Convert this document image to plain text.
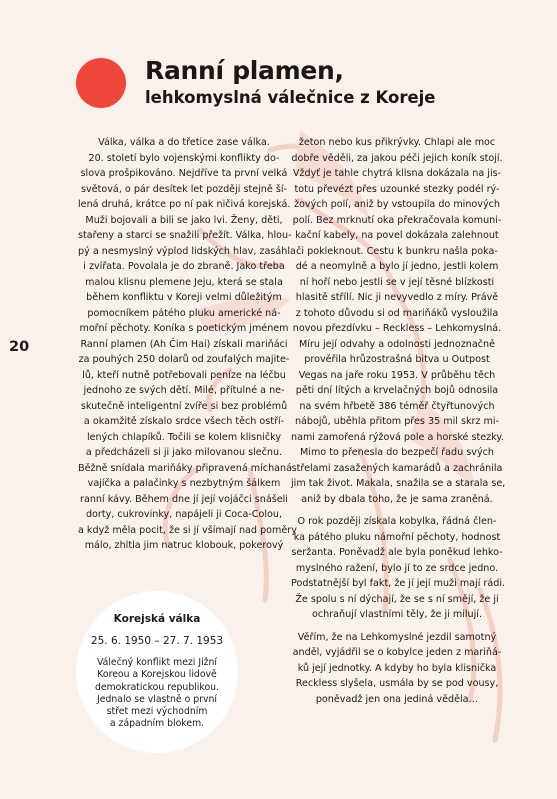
Ranní plamen,
lehkomyslná válečnice z Koreje
20
Válka, válka a do třetice zase válka.
20. století bylo vojenskými konflikty do-
slova prošpikováno. Nejdříve ta první velká
světová, o pár desítek let později stejně ší-
lená druhá, krátce po ní pak ničivá korejská.
Muži bojovali a bili se jako lvi. Ženy, děti,
stařeny a starci se snažili přežít. Válka, hlou-
pý a nesmyslný výplod lidských hlav, zasáhla
i zvířata. Povolala je do zbraně. Jako třeba
malou klisnu plemene Jeju, která se stala
během konfliktu v Koreji velmi důležitým
pomocníkem pátého pluku americké ná-
mořní pěchoty. Koníka s poetickým jménem
Ranní plamen (Ah Čim Hai) získali mariňáci
za pouhých 250 dolarů od zoufalých majite-
lů, kteří nutně potřebovali peníze na léčbu
jednoho ze svých dětí. Milé, přítulné a ne-
skutečně inteligentní zvíře si bez problémů
a okamžitě získalo srdce všech těch ostří-
lených chlapíků. Točili se kolem klisničky
a předcházeli si ji jako milovanou slečnu.
Běžně snídala mariňáky připravená míchaná
vajíčka a palačinky s nezbytným šálkem
ranní kávy. Během dne jí její vojáčci snášeli
dorty, cukrovinky, napájeli ji Coca-Colou,
a když měla pocit, že si jí všímají nad poměry
málo, zhltla jim natruc klobouk, pokerový
žeton nebo kus přikrývky. Chlapi ale moc
dobře věděli, za jakou péči jejich koník stojí.
Vždyť je tahle chytrá klisna dokázala na jis-
totu převézt přes uzounké stezky podél rý-
žových polí, aniž by vstoupila do minových
polí. Bez mrknutí oka překračovala komuni-
kační kabely, na povel dokázala zalehnout
či pokleknout. Cestu k bunkru našla poka-
dé a neomylně a bylo jí jedno, jestli kolem
ní hoří nebo jestli se v její těsné blízkosti
hlasitě střílí. Nic ji nevyvedlo z míry. Právě
z tohoto důvodu si od mariňáků vysloužila
novou přezdívku – Reckless – Lehkomyslná.
Míru její odvahy a odolnosti jednoznačně
prověřila hrůzostrašná bitva u Outpost
Vegas na jaře roku 1953. V průběhu těch
pěti dní lítých a krvelačných bojů odnosila
na svém hřbetě 386 téměř čtyřtunových
nábojů, uběhla přitom přes 35 mil skrz mi-
nami zamořená rýžová pole a horské stezky.
Mimo to přenesla do bezpečí řadu svých
střelami zasažených kamarádů a zachránila
jim tak život. Makala, snažila se a starala se,
aniž by dbala toho, že je sama zraněná.
O rok později získala kobylka, řádná člen-
ka pátého pluku námořní pěchoty, hodnost
seržanta. Poněvadž ale byla poněkud lehko-
myslného ražení, bylo jí to ze srdce jedno.
Podstatnější byl fakt, že jí její muži mají rádi.
Že spolu s ní dýchají, že se s ní smějí, že ji
ochraňují vlastními těly, že ji milují.
Věřím, že na Lehkomyslné jezdil samotný
anděl, vyjádřil se o kobylce jeden z mariňá-
ků její jednotky. A kdyby ho byla klisnička
Reckless slyšela, usmála by se pod vousy,
poněvadž jen ona jediná věděla…
Korejská válka
25. 6. 1950 – 27. 7. 1953
Válečný konflikt mezi Jižní
Koreou a Korejskou lidově
demokratickou republikou.
Jednalo se vlastně o první
střet mezi východním
a západním blokem.
